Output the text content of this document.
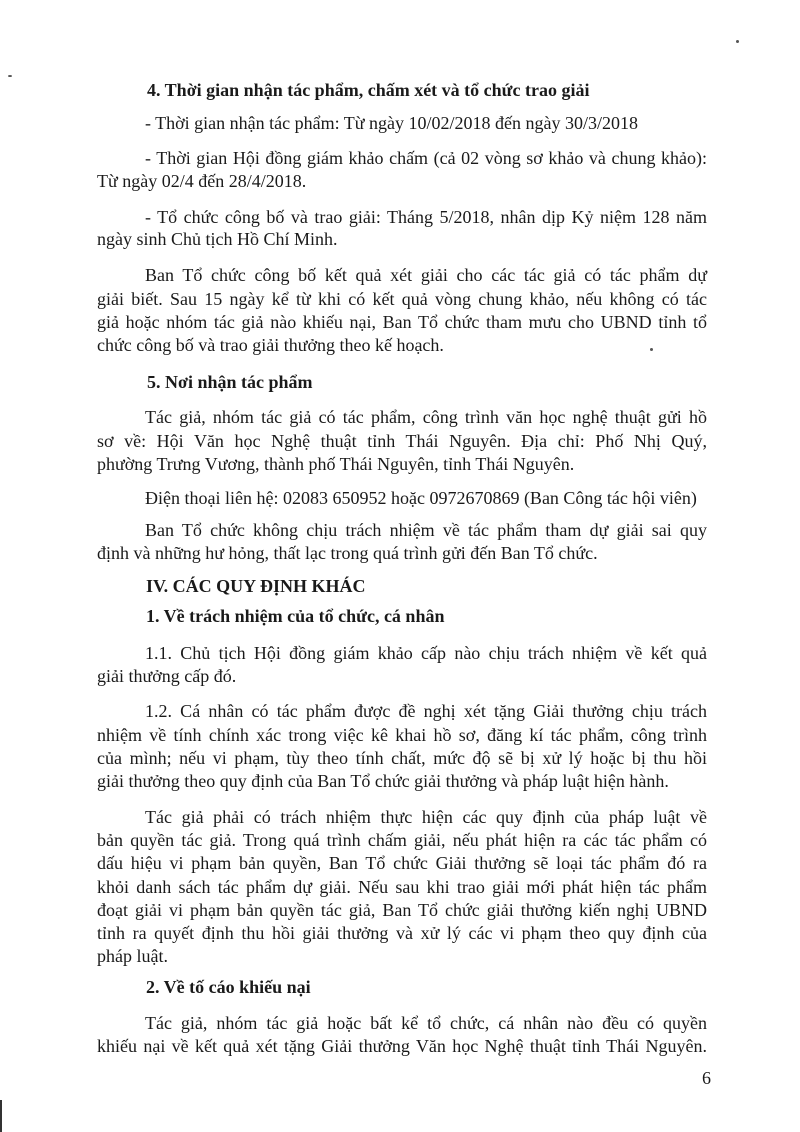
4. Thời gian nhận tác phẩm, chấm xét và tổ chức trao giải
- Thời gian nhận tác phẩm: Từ ngày 10/02/2018 đến ngày 30/3/2018
- Thời gian Hội đồng giám khảo chấm (cả 02 vòng sơ khảo và chung khảo):
Từ ngày 02/4 đến 28/4/2018.
- Tổ chức công bố và trao giải: Tháng 5/2018, nhân dịp Kỷ niệm 128 năm
ngày sinh Chủ tịch Hồ Chí Minh.
Ban Tổ chức công bố kết quả xét giải cho các tác giả có tác phẩm dự
giải biết. Sau 15 ngày kể từ khi có kết quả vòng chung khảo, nếu không có tác
giả hoặc nhóm tác giả nào khiếu nại, Ban Tổ chức tham mưu cho UBND tỉnh tổ
chức công bố và trao giải thưởng theo kế hoạch.
5. Nơi nhận tác phẩm
Tác giả, nhóm tác giả có tác phẩm, công trình văn học nghệ thuật gửi hồ
sơ về: Hội Văn học Nghệ thuật tỉnh Thái Nguyên. Địa chỉ: Phố Nhị Quý,
phường Trưng Vương, thành phố Thái Nguyên, tỉnh Thái Nguyên.
Điện thoại liên hệ: 02083 650952 hoặc 0972670869 (Ban Công tác hội viên)
Ban Tổ chức không chịu trách nhiệm về tác phẩm tham dự giải sai quy
định và những hư hỏng, thất lạc trong quá trình gửi đến Ban Tổ chức.
IV. CÁC QUY ĐỊNH KHÁC
1. Về trách nhiệm của tổ chức, cá nhân
1.1. Chủ tịch Hội đồng giám khảo cấp nào chịu trách nhiệm về kết quả
giải thưởng cấp đó.
1.2. Cá nhân có tác phẩm được đề nghị xét tặng Giải thưởng chịu trách
nhiệm về tính chính xác trong việc kê khai hồ sơ, đăng kí tác phẩm, công trình
của mình; nếu vi phạm, tùy theo tính chất, mức độ sẽ bị xử lý hoặc bị thu hồi
giải thưởng theo quy định của Ban Tổ chức giải thưởng và pháp luật hiện hành.
Tác giả phải có trách nhiệm thực hiện các quy định của pháp luật về
bản quyền tác giả. Trong quá trình chấm giải, nếu phát hiện ra các tác phẩm có
dấu hiệu vi phạm bản quyền, Ban Tổ chức Giải thưởng sẽ loại tác phẩm đó ra
khỏi danh sách tác phẩm dự giải. Nếu sau khi trao giải mới phát hiện tác phẩm
đoạt giải vi phạm bản quyền tác giả, Ban Tổ chức giải thưởng kiến nghị UBND
tỉnh ra quyết định thu hồi giải thưởng và xử lý các vi phạm theo quy định của
pháp luật.
2. Về tố cáo khiếu nại
Tác giả, nhóm tác giả hoặc bất kể tổ chức, cá nhân nào đều có quyền
khiếu nại về kết quả xét tặng Giải thưởng Văn học Nghệ thuật tỉnh Thái Nguyên.
6
